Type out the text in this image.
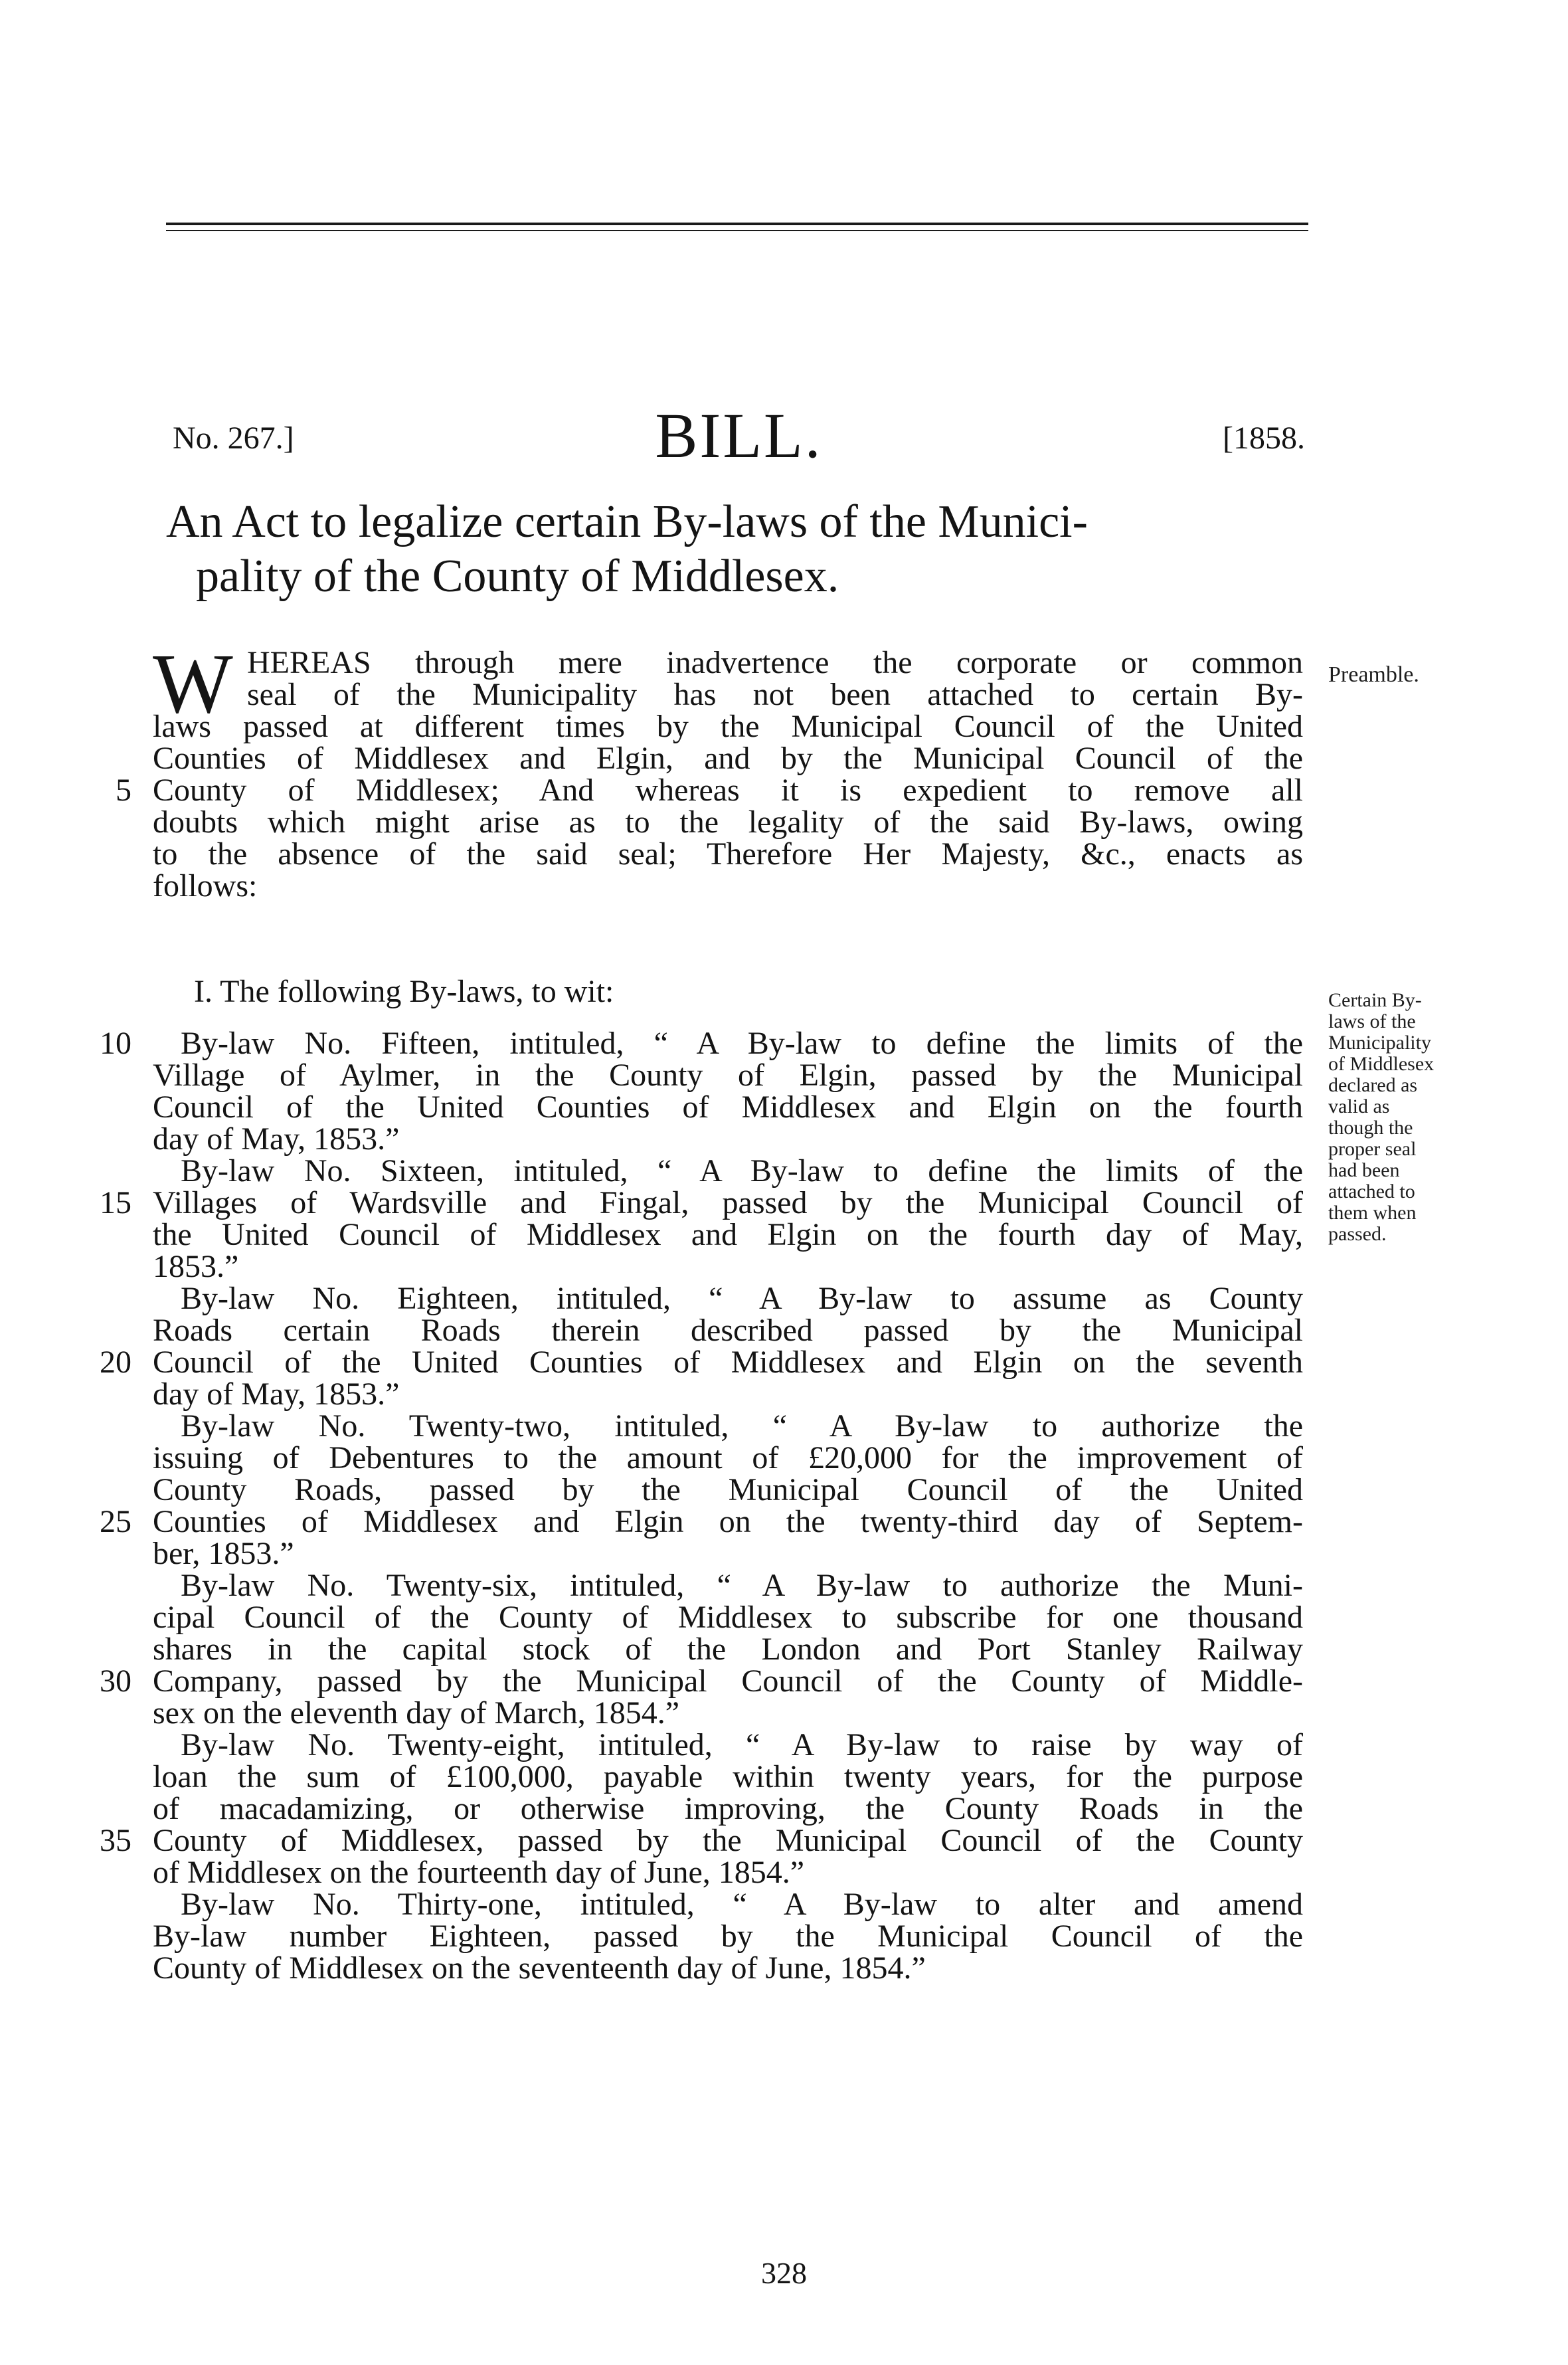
No. 267.]	BILL.	[1858.
An Act to legalize certain By-laws of the Munici-
pality of the County of Middlesex.
W HEREAS through mere inadvertence the corporate or common
seal of the Municipality has not been attached to certain By-
laws passed at different times by the Municipal Council of the United
Counties of Middlesex and Elgin, and by the Municipal Council of the
County of Middlesex; And whereas it is expedient to remove all
doubts which might arise as to the legality of the said By-laws, owing
to the absence of the said seal; Therefore Her Majesty, &c., enacts as
follows:
Preamble.
I. The following By-laws, to wit:
By-law No. Fifteen, intituled, “ A By-law to define the limits of the
Village of Aylmer, in the County of Elgin, passed by the Municipal
Council of the United Counties of Middlesex and Elgin on the fourth
day of May, 1853.”
By-law No. Sixteen, intituled, “ A By-law to define the limits of the
Villages of Wardsville and Fingal, passed by the Municipal Council of
the United Council of Middlesex and Elgin on the fourth day of May,
1853.”
By-law No. Eighteen, intituled, “ A By-law to assume as County
Roads certain Roads therein described passed by the Municipal
Council of the United Counties of Middlesex and Elgin on the seventh
day of May, 1853.”
By-law No. Twenty-two, intituled, “ A By-law to authorize the
issuing of Debentures to the amount of £20,000 for the improvement of
County Roads, passed by the Municipal Council of the United
Counties of Middlesex and Elgin on the twenty-third day of Septem-
ber, 1853.”
By-law No. Twenty-six, intituled, “ A By-law to authorize the Muni-
cipal Council of the County of Middlesex to subscribe for one thousand
shares in the capital stock of the London and Port Stanley Railway
Company, passed by the Municipal Council of the County of Middle-
sex on the eleventh day of March, 1854.”
By-law No. Twenty-eight, intituled, “ A By-law to raise by way of
loan the sum of £100,000, payable within twenty years, for the purpose
of macadamizing, or otherwise improving, the County Roads in the
County of Middlesex, passed by the Municipal Council of the County
of Middlesex on the fourteenth day of June, 1854.”
By-law No. Thirty-one, intituled, “ A By-law to alter and amend
By-law number Eighteen, passed by the Municipal Council of the
County of Middlesex on the seventeenth day of June, 1854.”
5
10
15
20
25
30
35
Certain By-
laws of the
Municipality
of Middlesex
declared as
valid as
though the
proper seal
had been
attached to
them when
passed.
328
